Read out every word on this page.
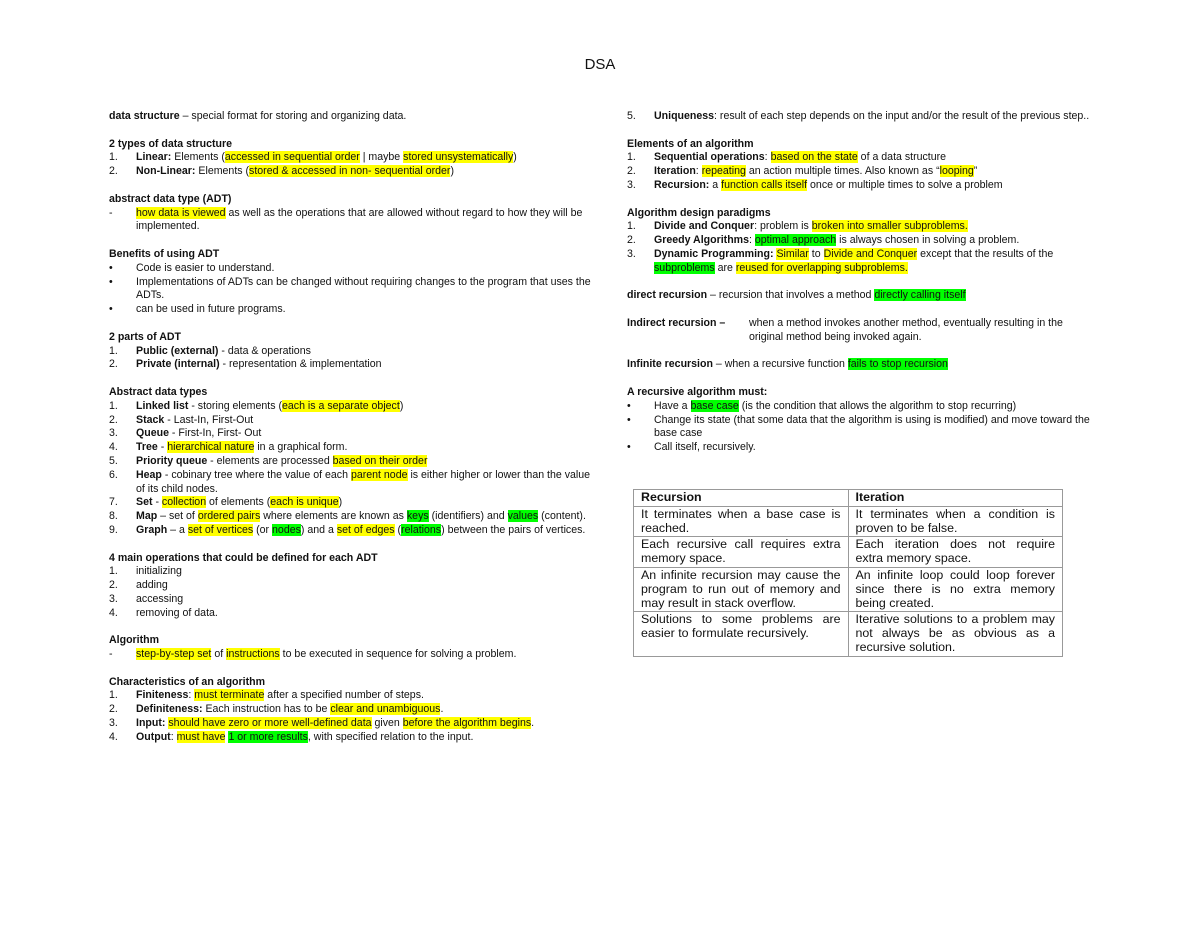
DSA
data structure – special format for storing and organizing data.
2 types of data structure
1.	Linear: Elements (accessed in sequential order | maybe stored unsystematically)
2.	Non-Linear: Elements (stored & accessed in non- sequential order)
abstract data type (ADT)
-	how data is viewed as well as the operations that are allowed without regard to how they will be implemented.
Benefits of using ADT
•	Code is easier to understand.
•	Implementations of ADTs can be changed without requiring changes to the program that uses the ADTs.
•	can be used in future programs.
2 parts of ADT
1.	Public (external) - data & operations
2.	Private (internal) - representation & implementation
Abstract data types
1.	Linked list - storing elements (each is a separate object)
2.	Stack - Last-In, First-Out
3.	Queue - First-In, First- Out
4.	Tree - hierarchical nature in a graphical form.
5.	Priority queue - elements are processed based on their order
6.	Heap - cobinary tree where the value of each parent node is either higher or lower than the value of its child nodes.
7.	Set - collection of elements (each is unique)
8.	Map – set of ordered pairs where elements are known as keys (identifiers) and values (content).
9.	Graph – a set of vertices (or nodes) and a set of edges (relations) between the pairs of vertices.
4 main operations that could be defined for each ADT
1.	initializing
2.	adding
3.	accessing
4.	removing of data.
Algorithm
-	step-by-step set of instructions to be executed in sequence for solving a problem.
Characteristics of an algorithm
1.	Finiteness: must terminate after a specified number of steps.
2.	Definiteness: Each instruction has to be clear and unambiguous.
3.	Input: should have zero or more well-defined data given before the algorithm begins.
4.	Output: must have 1 or more results, with specified relation to the input.
5.	Uniqueness: result of each step depends on the input and/or the result of the previous step..
Elements of an algorithm
1.	Sequential operations: based on the state of a data structure
2.	Iteration: repeating an action multiple times. Also known as “looping”
3.	Recursion: a function calls itself once or multiple times to solve a problem
Algorithm design paradigms
1.	Divide and Conquer: problem is broken into smaller subproblems.
2.	Greedy Algorithms: optimal approach is always chosen in solving a problem.
3.	Dynamic Programming: Similar to Divide and Conquer except that the results of the subproblems are reused for overlapping subproblems.
direct recursion – recursion that involves a method directly calling itself
Indirect recursion –	when a method invokes another method, eventually resulting in the original method being invoked again.
Infinite recursion – when a recursive function fails to stop recursion
A recursive algorithm must:
•	Have a base case (is the condition that allows the algorithm to stop recurring)
•	Change its state (that some data that the algorithm is using is modified) and move toward the base case
•	Call itself, recursively.
Recursion	Iteration
It terminates when a base case is reached.	It terminates when a condition is proven to be false.
Each recursive call requires extra memory space.	Each iteration does not require extra memory space.
An infinite recursion may cause the program to run out of memory and may result in stack overflow.	An infinite loop could loop forever since there is no extra memory being created.
Solutions to some problems are easier to formulate recursively.	Iterative solutions to a problem may not always be as obvious as a recursive solution.
